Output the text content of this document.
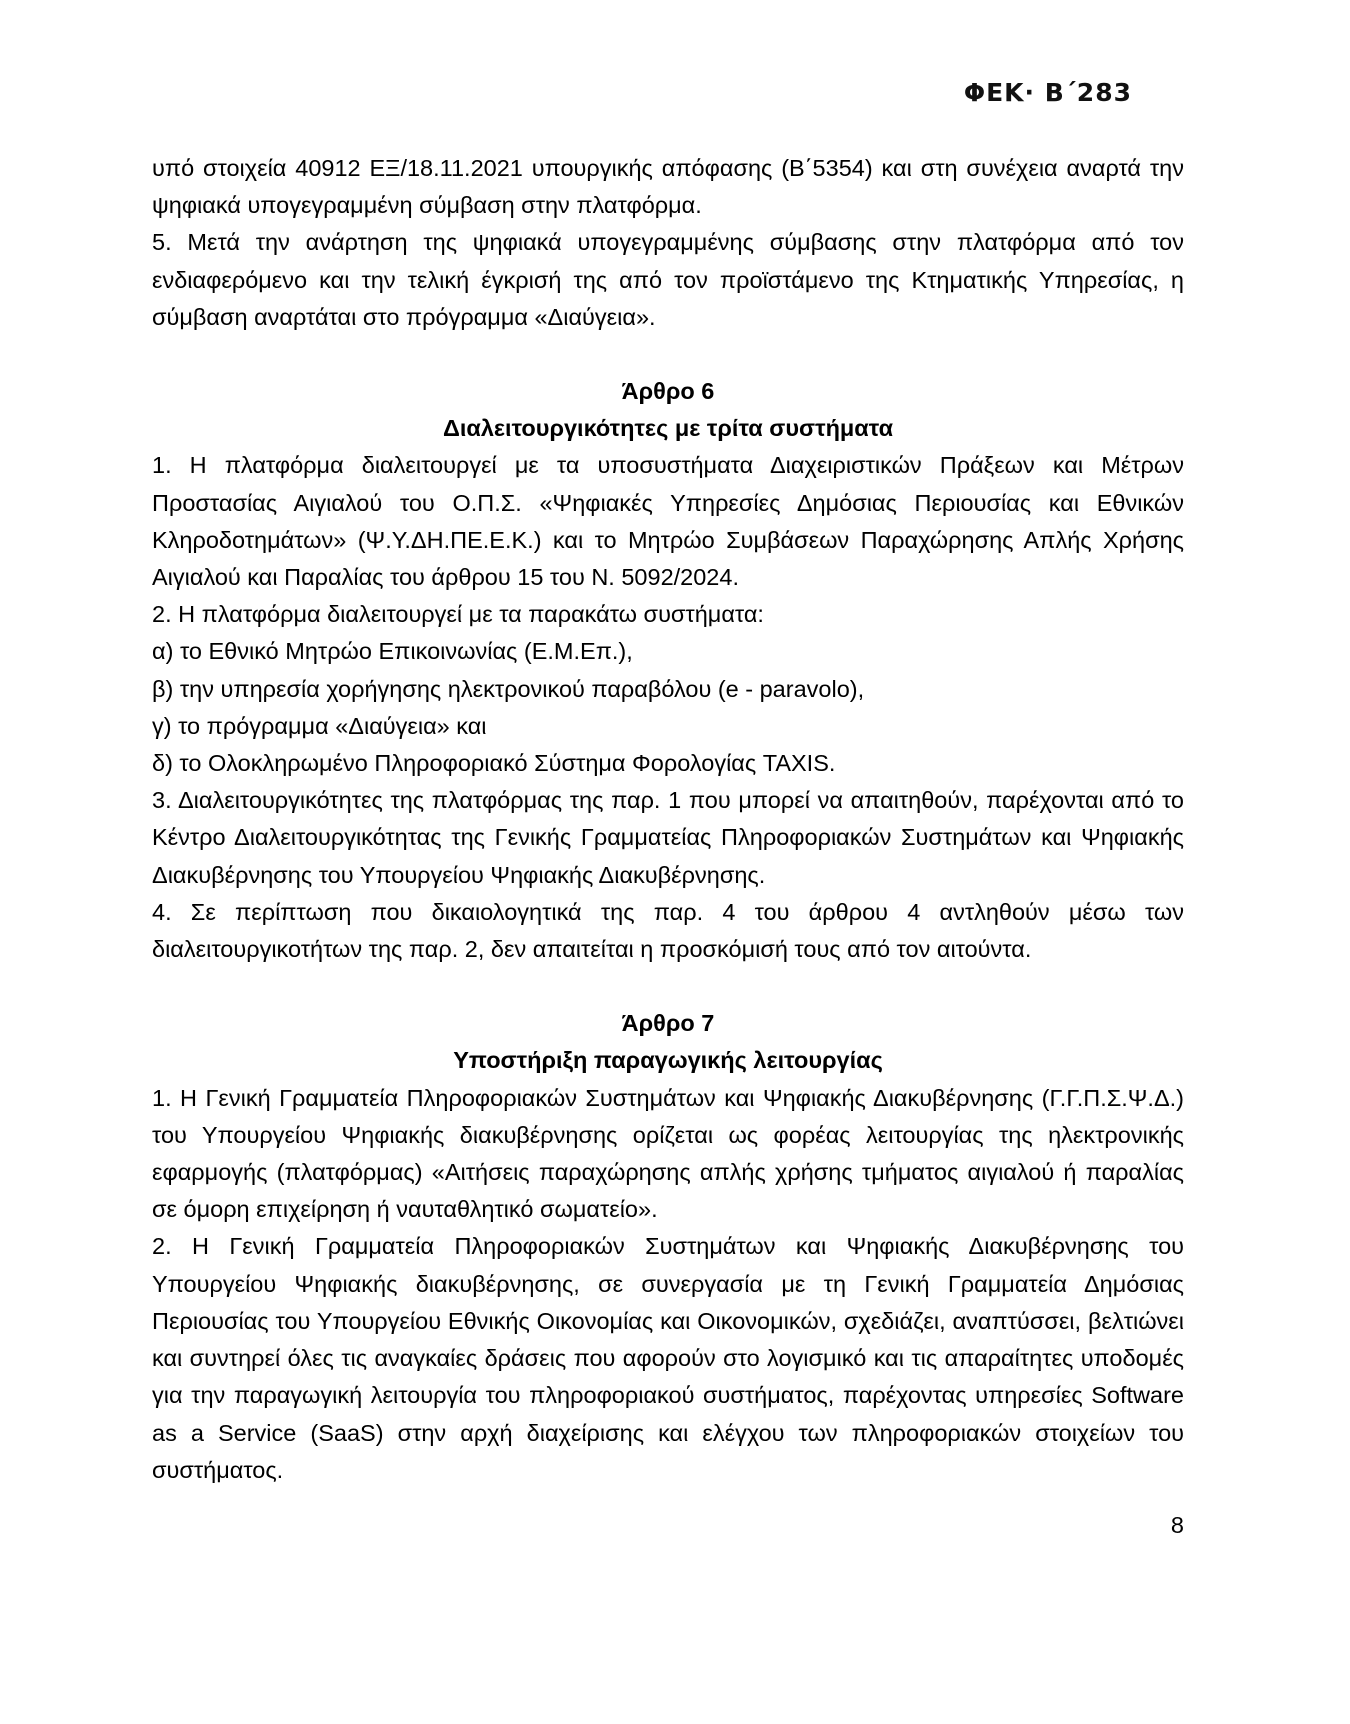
ΦΕΚ· Β΄283

υπό στοιχεία 40912 ΕΞ/18.11.2021 υπουργικής απόφασης (Β΄5354) και στη συνέχεια αναρτά την ψηφιακά υπογεγραμμένη σύμβαση στην πλατφόρμα.

5. Μετά την ανάρτηση της ψηφιακά υπογεγραμμένης σύμβασης στην πλατφόρμα από τον ενδιαφερόμενο και την τελική έγκρισή της από τον προϊστάμενο της Κτηματικής Υπηρεσίας, η σύμβαση αναρτάται στο πρόγραμμα «Διαύγεια».

Άρθρο 6
Διαλειτουργικότητες με τρίτα συστήματα

1. Η πλατφόρμα διαλειτουργεί με τα υποσυστήματα Διαχειριστικών Πράξεων και Μέτρων Προστασίας Αιγιαλού του Ο.Π.Σ. «Ψηφιακές Υπηρεσίες Δημόσιας Περιουσίας και Εθνικών Κληροδοτημάτων» (Ψ.Υ.ΔΗ.ΠΕ.Ε.Κ.) και το Μητρώο Συμβάσεων Παραχώρησης Απλής Χρήσης Αιγιαλού και Παραλίας του άρθρου 15 του Ν. 5092/2024.

2. Η πλατφόρμα διαλειτουργεί με τα παρακάτω συστήματα:

α) το Εθνικό Μητρώο Επικοινωνίας (Ε.Μ.Επ.),

β) την υπηρεσία χορήγησης ηλεκτρονικού παραβόλου (e - paravolo),

γ) το πρόγραμμα «Διαύγεια» και

δ) το Ολοκληρωμένο Πληροφοριακό Σύστημα Φορολογίας TAXIS.

3. Διαλειτουργικότητες της πλατφόρμας της παρ. 1 που μπορεί να απαιτηθούν, παρέχονται από το Κέντρο Διαλειτουργικότητας της Γενικής Γραμματείας Πληροφοριακών Συστημάτων και Ψηφιακής Διακυβέρνησης του Υπουργείου Ψηφιακής Διακυβέρνησης.

4. Σε περίπτωση που δικαιολογητικά της παρ. 4 του άρθρου 4 αντληθούν μέσω των διαλειτουργικοτήτων της παρ. 2, δεν απαιτείται η προσκόμισή τους από τον αιτούντα.

Άρθρο 7
Υποστήριξη παραγωγικής λειτουργίας

1. Η Γενική Γραμματεία Πληροφοριακών Συστημάτων και Ψηφιακής Διακυβέρνησης (Γ.Γ.Π.Σ.Ψ.Δ.) του Υπουργείου Ψηφιακής διακυβέρνησης ορίζεται ως φορέας λειτουργίας της ηλεκτρονικής εφαρμογής (πλατφόρμας) «Αιτήσεις παραχώρησης απλής χρήσης τμήματος αιγιαλού ή παραλίας σε όμορη επιχείρηση ή ναυταθλητικό σωματείο».

2. Η Γενική Γραμματεία Πληροφοριακών Συστημάτων και Ψηφιακής Διακυβέρνησης του Υπουργείου Ψηφιακής διακυβέρνησης, σε συνεργασία με τη Γενική Γραμματεία Δημόσιας Περιουσίας του Υπουργείου Εθνικής Οικονομίας και Οικονομικών, σχεδιάζει, αναπτύσσει, βελτιώνει και συντηρεί όλες τις αναγκαίες δράσεις που αφορούν στο λογισμικό και τις απαραίτητες υποδομές για την παραγωγική λειτουργία του πληροφοριακού συστήματος, παρέχοντας υπηρεσίες Software as a Service (SaaS) στην αρχή διαχείρισης και ελέγχου των πληροφοριακών στοιχείων του συστήματος.

8
